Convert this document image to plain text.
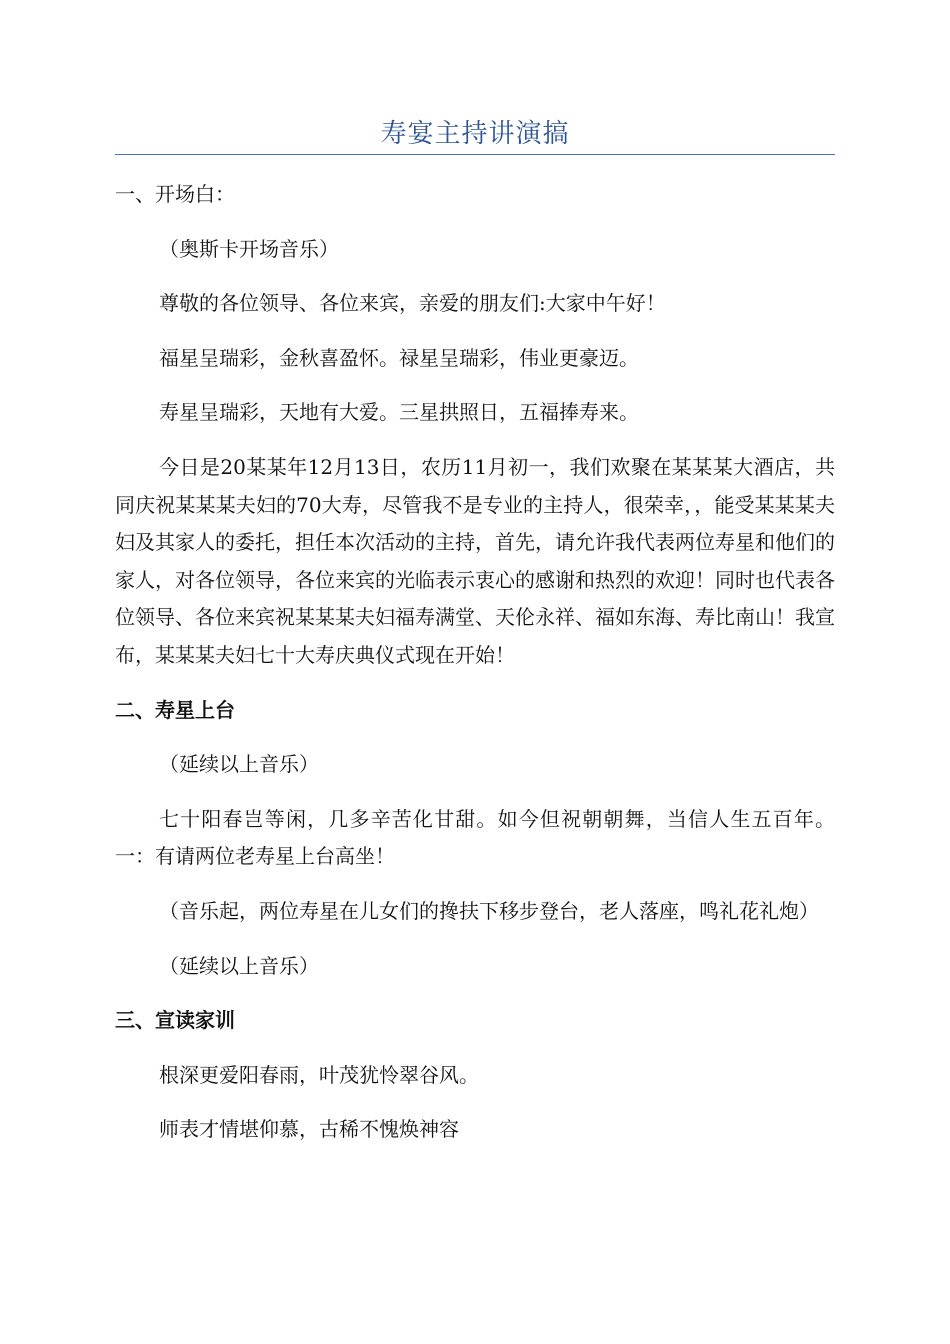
寿宴主持讲演搞
一、开场白：
（奥斯卡开场音乐）
尊敬的各位领导、各位来宾，亲爱的朋友们:大家中午好！
福星呈瑞彩，金秋喜盈怀。禄星呈瑞彩，伟业更豪迈。
寿星呈瑞彩，天地有大爱。三星拱照日，五福捧寿来。
今日是20某某年12月13日，农历11月初一，我们欢聚在某某某大酒店，共同庆祝某某某夫妇的70大寿，尽管我不是专业的主持人，很荣幸，，能受某某某夫妇及其家人的委托，担任本次活动的主持，首先，请允许我代表两位寿星和他们的家人，对各位领导，各位来宾的光临表示衷心的感谢和热烈的欢迎！同时也代表各位领导、各位来宾祝某某某夫妇福寿满堂、天伦永祥、福如东海、寿比南山！我宣布，某某某夫妇七十大寿庆典仪式现在开始！
二、寿星上台
（延续以上音乐）
七十阳春岂等闲，几多辛苦化甘甜。如今但祝朝朝舞，当信人生五百年。一：有请两位老寿星上台高坐！
（音乐起，两位寿星在儿女们的搀扶下移步登台，老人落座，鸣礼花礼炮）
（延续以上音乐）
三、宣读家训
根深更爱阳春雨，叶茂犹怜翠谷风。
师表才情堪仰慕，古稀不愧焕神容
